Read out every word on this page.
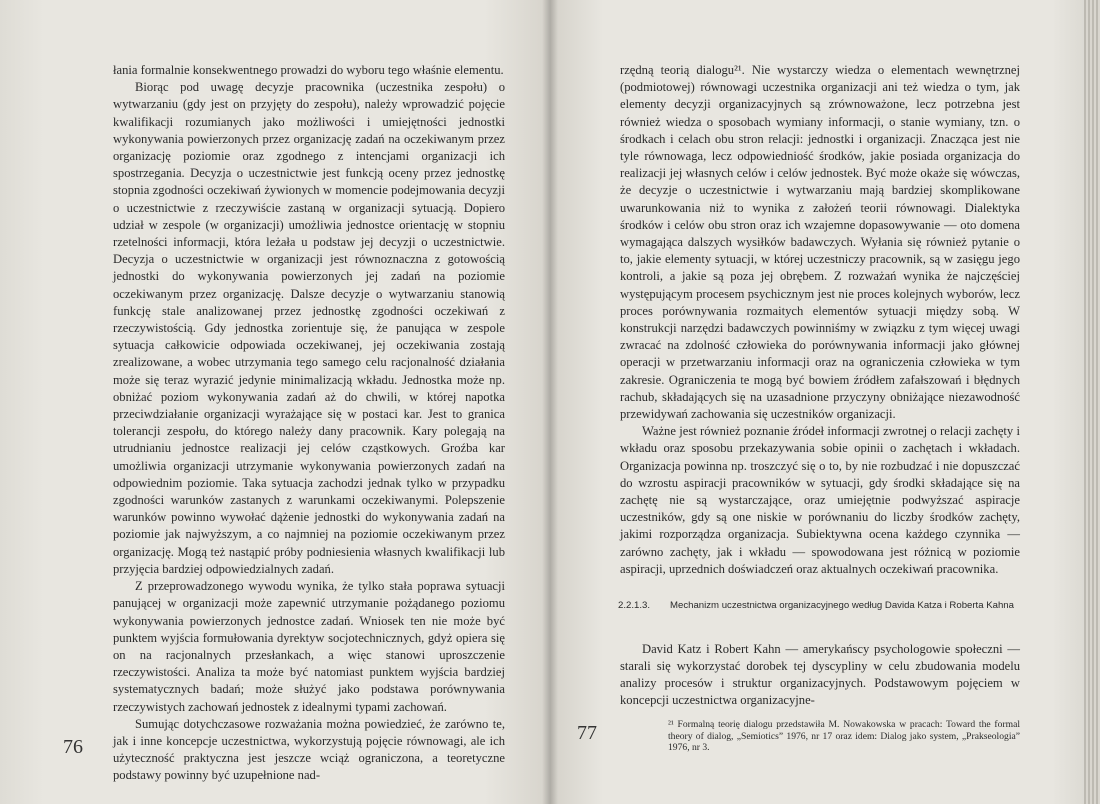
łania formalnie konsekwentnego prowadzi do wyboru tego właśnie elementu.

Biorąc pod uwagę decyzje pracownika (uczestnika zespołu) o wytwarzaniu (gdy jest on przyjęty do zespołu), należy wprowadzić pojęcie kwalifikacji rozumianych jako możliwości i umiejętności jednostki wykonywania powierzonych przez organizację zadań na oczekiwanym przez organizację poziomie oraz zgodnego z intencjami organizacji ich spostrzegania. Decyzja o uczestnictwie jest funkcją oceny przez jednostkę stopnia zgodności oczekiwań żywionych w momencie podejmowania decyzji o uczestnictwie z rzeczywiście zastaną w organizacji sytuacją. Dopiero udział w zespole (w organizacji) umożliwia jednostce orientację w stopniu rzetelności informacji, która leżała u podstaw jej decyzji o uczestnictwie. Decyzja o uczestnictwie w organizacji jest równoznaczna z gotowością jednostki do wykonywania powierzonych jej zadań na poziomie oczekiwanym przez organizację. Dalsze decyzje o wytwarzaniu stanowią funkcję stale analizowanej przez jednostkę zgodności oczekiwań z rzeczywistością. Gdy jednostka zorientuje się, że panująca w zespole sytuacja całkowicie odpowiada oczekiwanej, jej oczekiwania zostają zrealizowane, a wobec utrzymania tego samego celu racjonalność działania może się teraz wyrazić jedynie minimalizacją wkładu. Jednostka może np. obniżać poziom wykonywania zadań aż do chwili, w której napotka przeciwdziałanie organizacji wyrażające się w postaci kar. Jest to granica tolerancji zespołu, do którego należy dany pracownik. Kary polegają na utrudnianiu jednostce realizacji jej celów cząstkowych. Groźba kar umożliwia organizacji utrzymanie wykonywania powierzonych zadań na odpowiednim poziomie. Taka sytuacja zachodzi jednak tylko w przypadku zgodności warunków zastanych z warunkami oczekiwanymi. Polepszenie warunków powinno wywołać dążenie jednostki do wykonywania zadań na poziomie jak najwyższym, a co najmniej na poziomie oczekiwanym przez organizację. Mogą też nastąpić próby podniesienia własnych kwalifikacji lub przyjęcia bardziej odpowiedzialnych zadań.

Z przeprowadzonego wywodu wynika, że tylko stała poprawa sytuacji panującej w organizacji może zapewnić utrzymanie pożądanego poziomu wykonywania powierzonych jednostce zadań. Wniosek ten nie może być punktem wyjścia formułowania dyrektyw socjotechnicznych, gdyż opiera się on na racjonalnych przesłankach, a więc stanowi uproszczenie rzeczywistości. Analiza ta może być natomiast punktem wyjścia bardziej systematycznych badań; może służyć jako podstawa porównywania rzeczywistych zachowań jednostek z idealnymi typami zachowań.

Sumując dotychczasowe rozważania można powiedzieć, że zarówno te, jak i inne koncepcje uczestnictwa, wykorzystują pojęcie równowagi, ale ich użyteczność praktyczna jest jeszcze wciąż ograniczona, a teoretyczne podstawy powinny być uzupełnione nad-

76

rzędną teorią dialogu²¹. Nie wystarczy wiedza o elementach wewnętrznej (podmiotowej) równowagi uczestnika organizacji ani też wiedza o tym, jak elementy decyzji organizacyjnych są zrównoważone, lecz potrzebna jest również wiedza o sposobach wymiany informacji, o stanie wymiany, tzn. o środkach i celach obu stron relacji: jednostki i organizacji. Znacząca jest nie tyle równowaga, lecz odpowiedniość środków, jakie posiada organizacja do realizacji jej własnych celów i celów jednostek. Być może okaże się wówczas, że decyzje o uczestnictwie i wytwarzaniu mają bardziej skomplikowane uwarunkowania niż to wynika z założeń teorii równowagi. Dialektyka środków i celów obu stron oraz ich wzajemne dopasowywanie — oto domena wymagająca dalszych wysiłków badawczych. Wyłania się również pytanie o to, jakie elementy sytuacji, w której uczestniczy pracownik, są w zasięgu jego kontroli, a jakie są poza jej obrębem. Z rozważań wynika że najczęściej występującym procesem psychicznym jest nie proces kolejnych wyborów, lecz proces porównywania rozmaitych elementów sytuacji między sobą. W konstrukcji narzędzi badawczych powinniśmy w związku z tym więcej uwagi zwracać na zdolność człowieka do porównywania informacji jako głównej operacji w przetwarzaniu informacji oraz na ograniczenia człowieka w tym zakresie. Ograniczenia te mogą być bowiem źródłem zafałszowań i błędnych rachub, składających się na uzasadnione przyczyny obniżające niezawodność przewidywań zachowania się uczestników organizacji.

Ważne jest również poznanie źródeł informacji zwrotnej o relacji zachęty i wkładu oraz sposobu przekazywania sobie opinii o zachętach i wkładach. Organizacja powinna np. troszczyć się o to, by nie rozbudzać i nie dopuszczać do wzrostu aspiracji pracowników w sytuacji, gdy środki składające się na zachętę nie są wystarczające, oraz umiejętnie podwyższać aspiracje uczestników, gdy są one niskie w porównaniu do liczby środków zachęty, jakimi rozporządza organizacja. Subiektywna ocena każdego czynnika — zarówno zachęty, jak i wkładu — spowodowana jest różnicą w poziomie aspiracji, uprzednich doświadczeń oraz aktualnych oczekiwań pracownika.

2.2.1.3. Mechanizm uczestnictwa organizacyjnego według Davida Katza i Roberta Kahna

David Katz i Robert Kahn — amerykańscy psychologowie społeczni — starali się wykorzystać dorobek tej dyscypliny w celu zbudowania modelu analizy procesów i struktur organizacyjnych. Podstawowym pojęciem w koncepcji uczestnictwa organizacyjne-

²¹ Formalną teorię dialogu przedstawiła M. Nowakowska w pracach: Toward the formal theory of dialog, „Semiotics” 1976, nr 17 oraz idem: Dialog jako system, „Prakseologia” 1976, nr 3.

77
